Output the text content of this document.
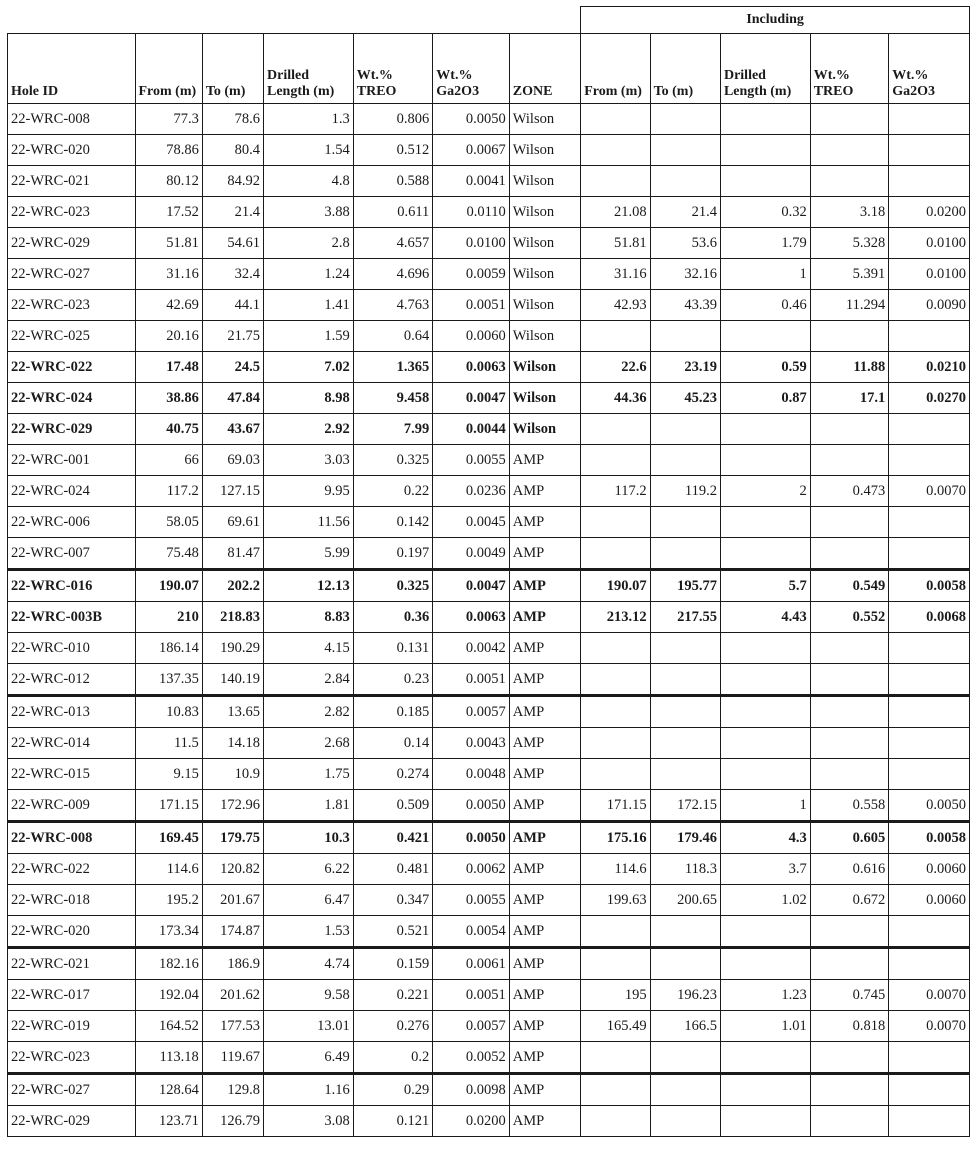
							Including				
Hole ID	From (m)	To (m)	Drilled Length (m)	Wt.% TREO	Wt.% Ga2O3	ZONE	From (m)	To (m)	Drilled Length (m)	Wt.% TREO	Wt.% Ga2O3
22-WRC-008	77.3	78.6	1.3	0.806	0.0050	Wilson					
22-WRC-020	78.86	80.4	1.54	0.512	0.0067	Wilson					
22-WRC-021	80.12	84.92	4.8	0.588	0.0041	Wilson					
22-WRC-023	17.52	21.4	3.88	0.611	0.0110	Wilson	21.08	21.4	0.32	3.18	0.0200
22-WRC-029	51.81	54.61	2.8	4.657	0.0100	Wilson	51.81	53.6	1.79	5.328	0.0100
22-WRC-027	31.16	32.4	1.24	4.696	0.0059	Wilson	31.16	32.16	1	5.391	0.0100
22-WRC-023	42.69	44.1	1.41	4.763	0.0051	Wilson	42.93	43.39	0.46	11.294	0.0090
22-WRC-025	20.16	21.75	1.59	0.64	0.0060	Wilson					
22-WRC-022	17.48	24.5	7.02	1.365	0.0063	Wilson	22.6	23.19	0.59	11.88	0.0210
22-WRC-024	38.86	47.84	8.98	9.458	0.0047	Wilson	44.36	45.23	0.87	17.1	0.0270
22-WRC-029	40.75	43.67	2.92	7.99	0.0044	Wilson					
22-WRC-001	66	69.03	3.03	0.325	0.0055	AMP					
22-WRC-024	117.2	127.15	9.95	0.22	0.0236	AMP	117.2	119.2	2	0.473	0.0070
22-WRC-006	58.05	69.61	11.56	0.142	0.0045	AMP					
22-WRC-007	75.48	81.47	5.99	0.197	0.0049	AMP					
22-WRC-016	190.07	202.2	12.13	0.325	0.0047	AMP	190.07	195.77	5.7	0.549	0.0058
22-WRC-003B	210	218.83	8.83	0.36	0.0063	AMP	213.12	217.55	4.43	0.552	0.0068
22-WRC-010	186.14	190.29	4.15	0.131	0.0042	AMP					
22-WRC-012	137.35	140.19	2.84	0.23	0.0051	AMP					
22-WRC-013	10.83	13.65	2.82	0.185	0.0057	AMP					
22-WRC-014	11.5	14.18	2.68	0.14	0.0043	AMP					
22-WRC-015	9.15	10.9	1.75	0.274	0.0048	AMP					
22-WRC-009	171.15	172.96	1.81	0.509	0.0050	AMP	171.15	172.15	1	0.558	0.0050
22-WRC-008	169.45	179.75	10.3	0.421	0.0050	AMP	175.16	179.46	4.3	0.605	0.0058
22-WRC-022	114.6	120.82	6.22	0.481	0.0062	AMP	114.6	118.3	3.7	0.616	0.0060
22-WRC-018	195.2	201.67	6.47	0.347	0.0055	AMP	199.63	200.65	1.02	0.672	0.0060
22-WRC-020	173.34	174.87	1.53	0.521	0.0054	AMP					
22-WRC-021	182.16	186.9	4.74	0.159	0.0061	AMP					
22-WRC-017	192.04	201.62	9.58	0.221	0.0051	AMP	195	196.23	1.23	0.745	0.0070
22-WRC-019	164.52	177.53	13.01	0.276	0.0057	AMP	165.49	166.5	1.01	0.818	0.0070
22-WRC-023	113.18	119.67	6.49	0.2	0.0052	AMP					
22-WRC-027	128.64	129.8	1.16	0.29	0.0098	AMP					
22-WRC-029	123.71	126.79	3.08	0.121	0.0200	AMP					
